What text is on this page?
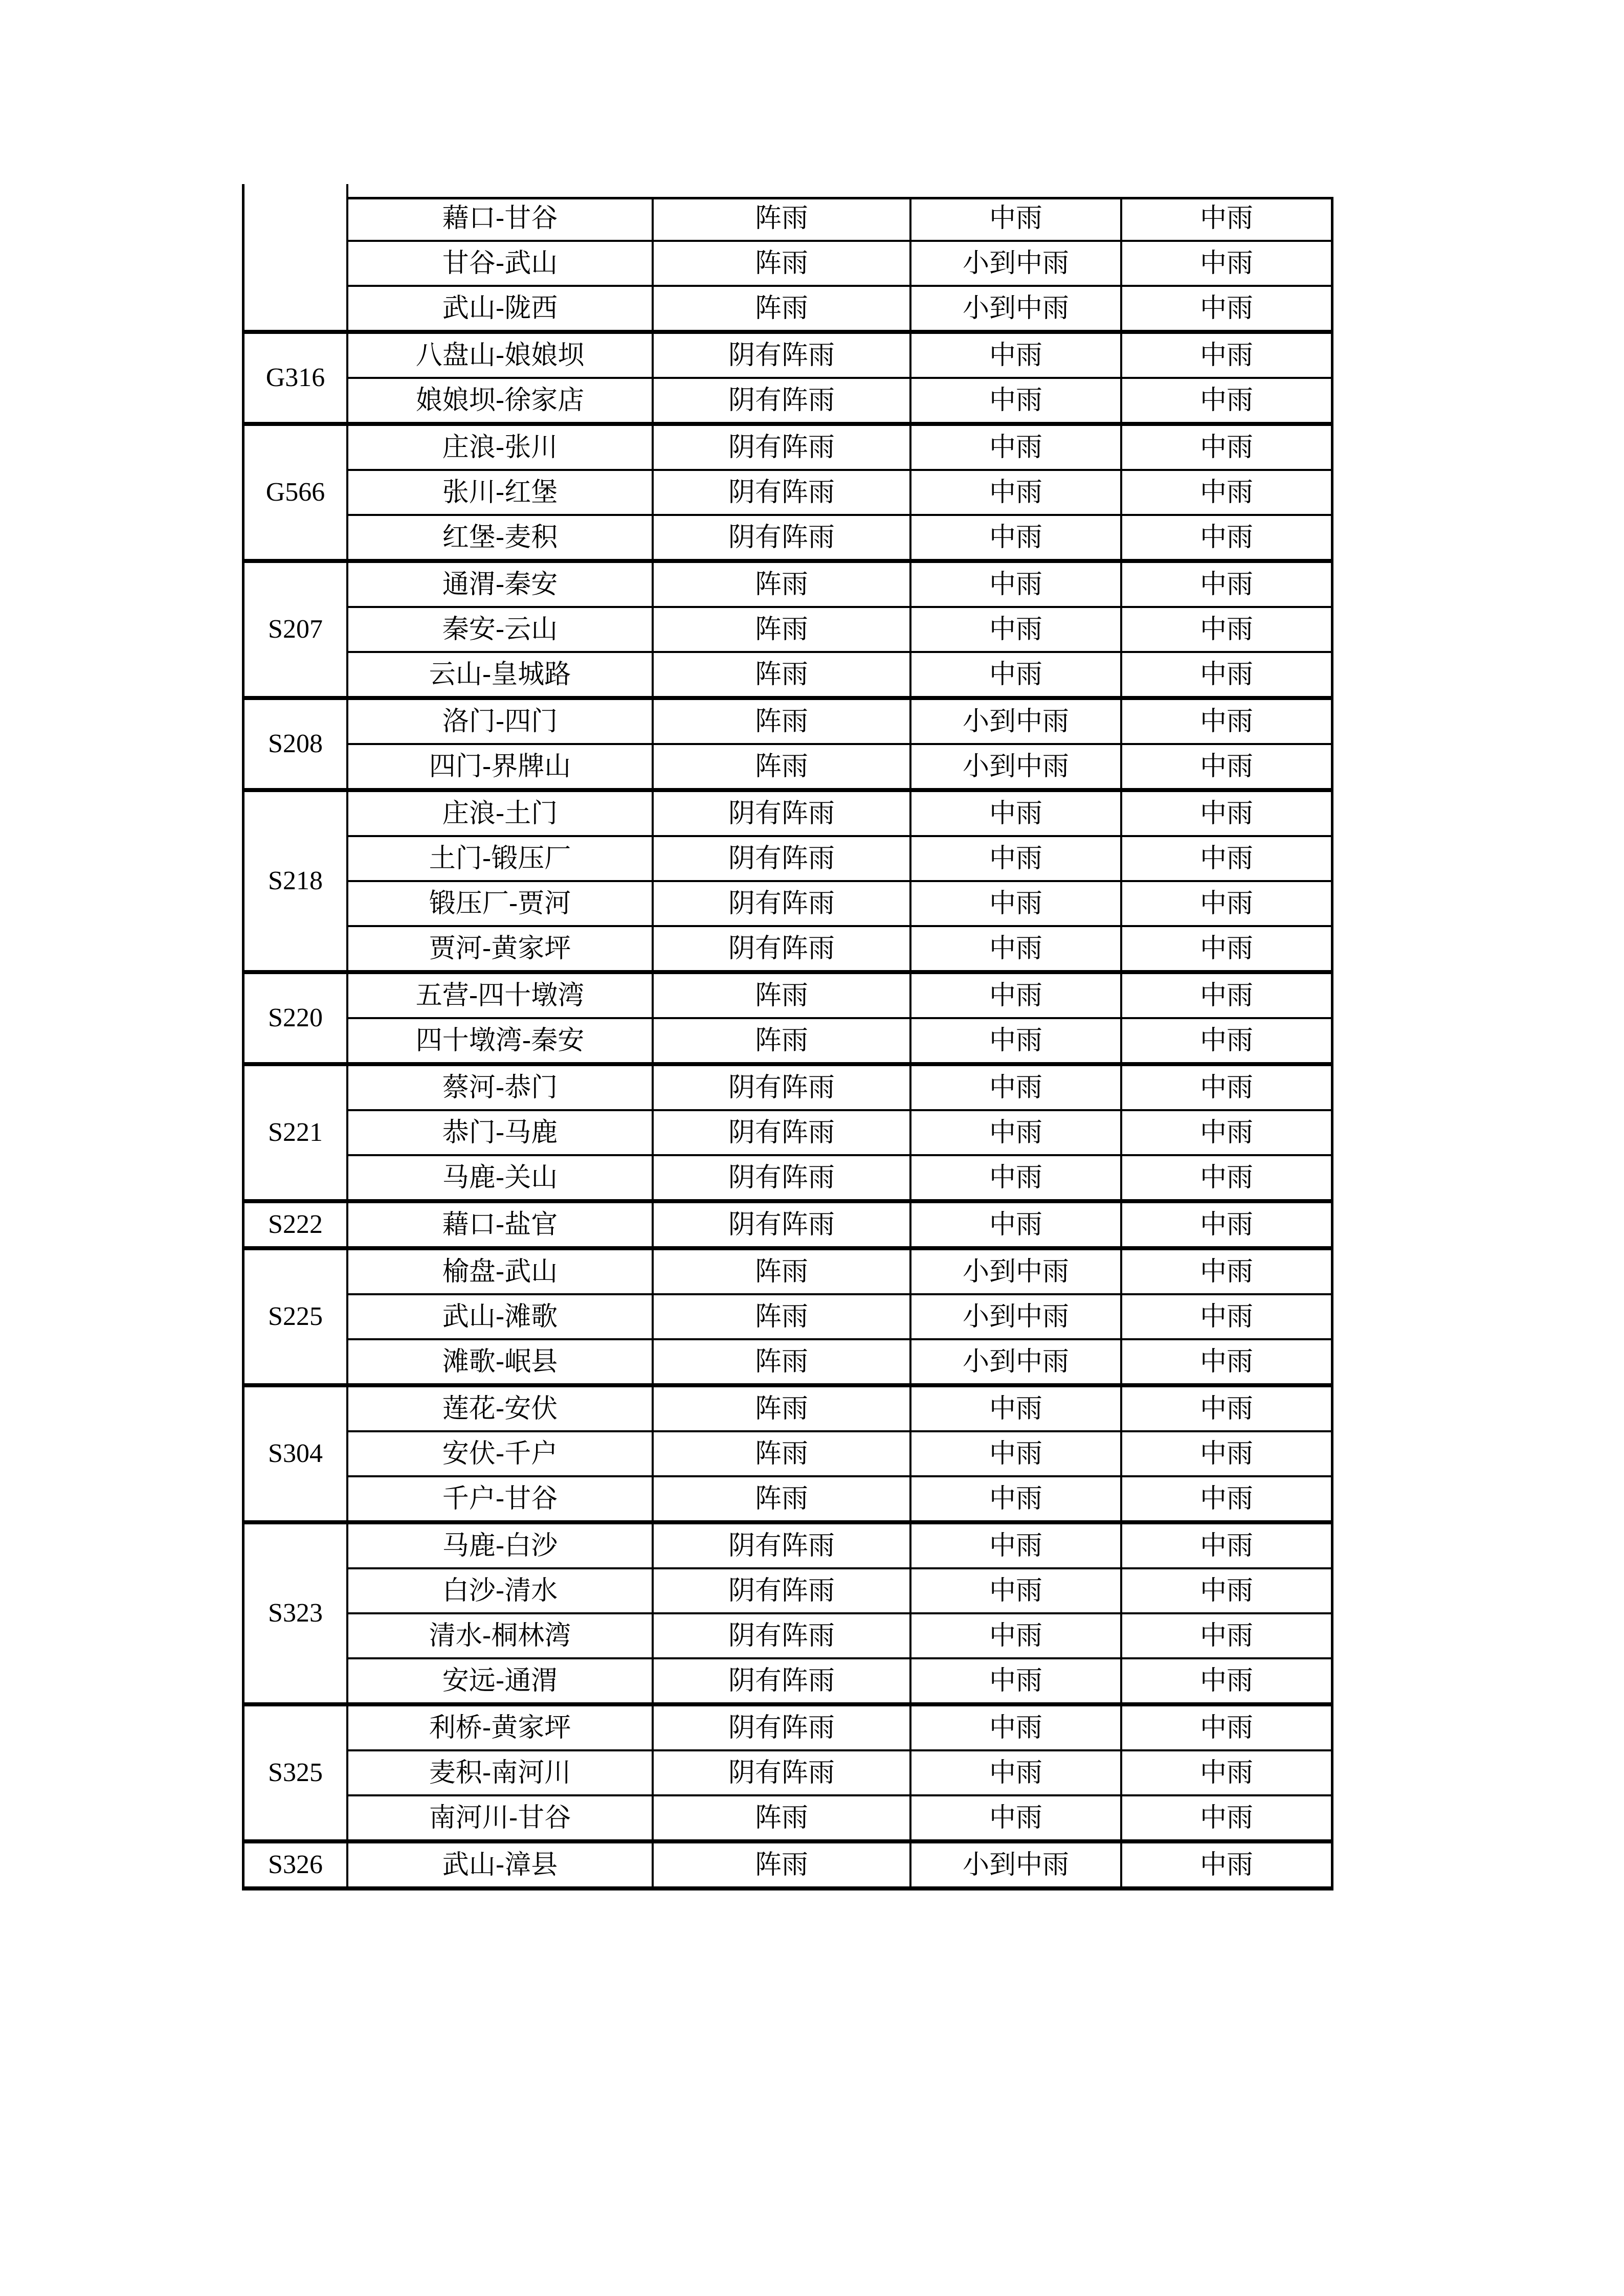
藉口-甘谷	阵雨	中雨	中雨
甘谷-武山	阵雨	小到中雨	中雨
武山-陇西	阵雨	小到中雨	中雨
G316
八盘山-娘娘坝	阴有阵雨	中雨	中雨
娘娘坝-徐家店	阴有阵雨	中雨	中雨
G566
庄浪-张川	阴有阵雨	中雨	中雨
张川-红堡	阴有阵雨	中雨	中雨
红堡-麦积	阴有阵雨	中雨	中雨
S207
通渭-秦安	阵雨	中雨	中雨
秦安-云山	阵雨	中雨	中雨
云山-皇城路	阵雨	中雨	中雨
S208
洛门-四门	阵雨	小到中雨	中雨
四门-界牌山	阵雨	小到中雨	中雨
S218
庄浪-土门	阴有阵雨	中雨	中雨
土门-锻压厂	阴有阵雨	中雨	中雨
锻压厂-贾河	阴有阵雨	中雨	中雨
贾河-黄家坪	阴有阵雨	中雨	中雨
S220
五营-四十墩湾	阵雨	中雨	中雨
四十墩湾-秦安	阵雨	中雨	中雨
S221
蔡河-恭门	阴有阵雨	中雨	中雨
恭门-马鹿	阴有阵雨	中雨	中雨
马鹿-关山	阴有阵雨	中雨	中雨
S222	藉口-盐官	阴有阵雨	中雨	中雨
S225
榆盘-武山	阵雨	小到中雨	中雨
武山-滩歌	阵雨	小到中雨	中雨
滩歌-岷县	阵雨	小到中雨	中雨
S304
莲花-安伏	阵雨	中雨	中雨
安伏-千户	阵雨	中雨	中雨
千户-甘谷	阵雨	中雨	中雨
S323
马鹿-白沙	阴有阵雨	中雨	中雨
白沙-清水	阴有阵雨	中雨	中雨
清水-桐林湾	阴有阵雨	中雨	中雨
安远-通渭	阴有阵雨	中雨	中雨
S325
利桥-黄家坪	阴有阵雨	中雨	中雨
麦积-南河川	阴有阵雨	中雨	中雨
南河川-甘谷	阵雨	中雨	中雨
S326	武山-漳县	阵雨	小到中雨	中雨
